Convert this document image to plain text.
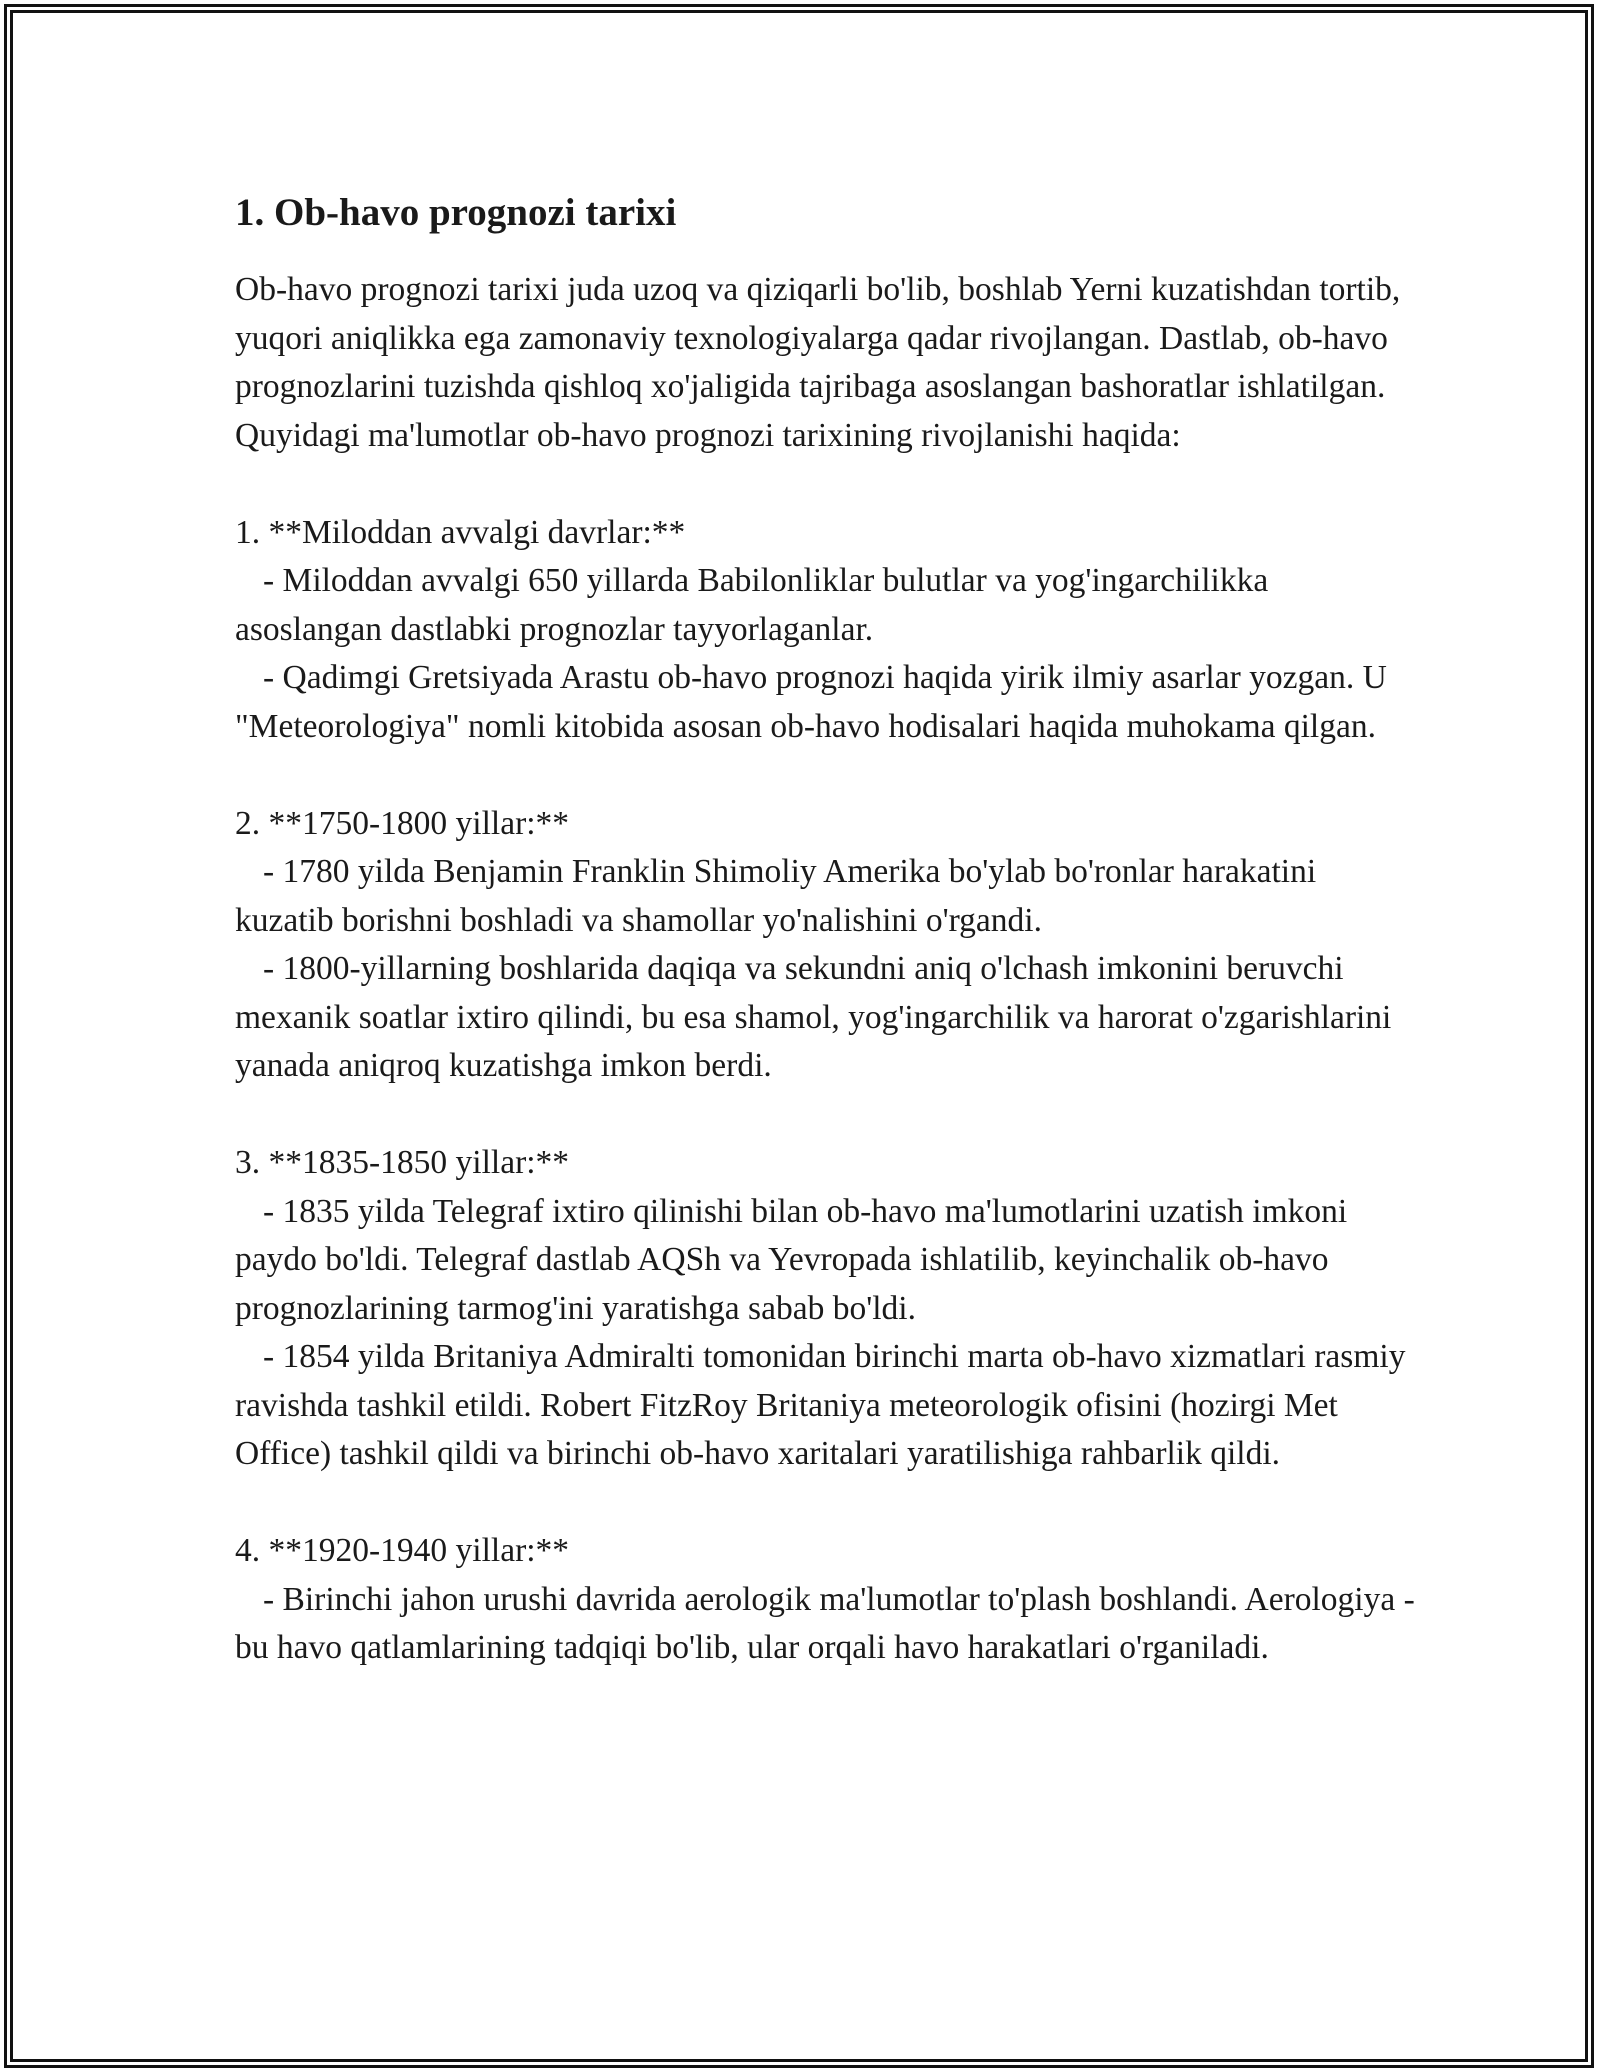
1. Ob-havo prognozi tarixi

Ob-havo prognozi tarixi juda uzoq va qiziqarli bo'lib, boshlab Yerni kuzatishdan tortib, yuqori aniqlikka ega zamonaviy texnologiyalarga qadar rivojlangan. Dastlab, ob-havo prognozlarini tuzishda qishloq xo'jaligida tajribaga asoslangan bashoratlar ishlatilgan. Quyidagi ma'lumotlar ob-havo prognozi tarixining rivojlanishi haqida:

1. **Miloddan avvalgi davrlar:**
- Miloddan avvalgi 650 yillarda Babilonliklar bulutlar va yog'ingarchilikka asoslangan dastlabki prognozlar tayyorlaganlar.
- Qadimgi Gretsiyada Arastu ob-havo prognozi haqida yirik ilmiy asarlar yozgan. U "Meteorologiya" nomli kitobida asosan ob-havo hodisalari haqida muhokama qilgan.
2. **1750-1800 yillar:**
- 1780 yilda Benjamin Franklin Shimoliy Amerika bo'ylab bo'ronlar harakatini kuzatib borishni boshladi va shamollar yo'nalishini o'rgandi.
- 1800-yillarning boshlarida daqiqa va sekundni aniq o'lchash imkonini beruvchi mexanik soatlar ixtiro qilindi, bu esa shamol, yog'ingarchilik va harorat o'zgarishlarini yanada aniqroq kuzatishga imkon berdi.
3. **1835-1850 yillar:**
- 1835 yilda Telegraf ixtiro qilinishi bilan ob-havo ma'lumotlarini uzatish imkoni paydo bo'ldi. Telegraf dastlab AQSh va Yevropada ishlatilib, keyinchalik ob-havo prognozlarining tarmog'ini yaratishga sabab bo'ldi.
- 1854 yilda Britaniya Admiralti tomonidan birinchi marta ob-havo xizmatlari rasmiy ravishda tashkil etildi. Robert FitzRoy Britaniya meteorologik ofisini (hozirgi Met Office) tashkil qildi va birinchi ob-havo xaritalari yaratilishiga rahbarlik qildi.
4. **1920-1940 yillar:**
- Birinchi jahon urushi davrida aerologik ma'lumotlar to'plash boshlandi. Aerologiya - bu havo qatlamlarining tadqiqi bo'lib, ular orqali havo harakatlari o'rganiladi.
